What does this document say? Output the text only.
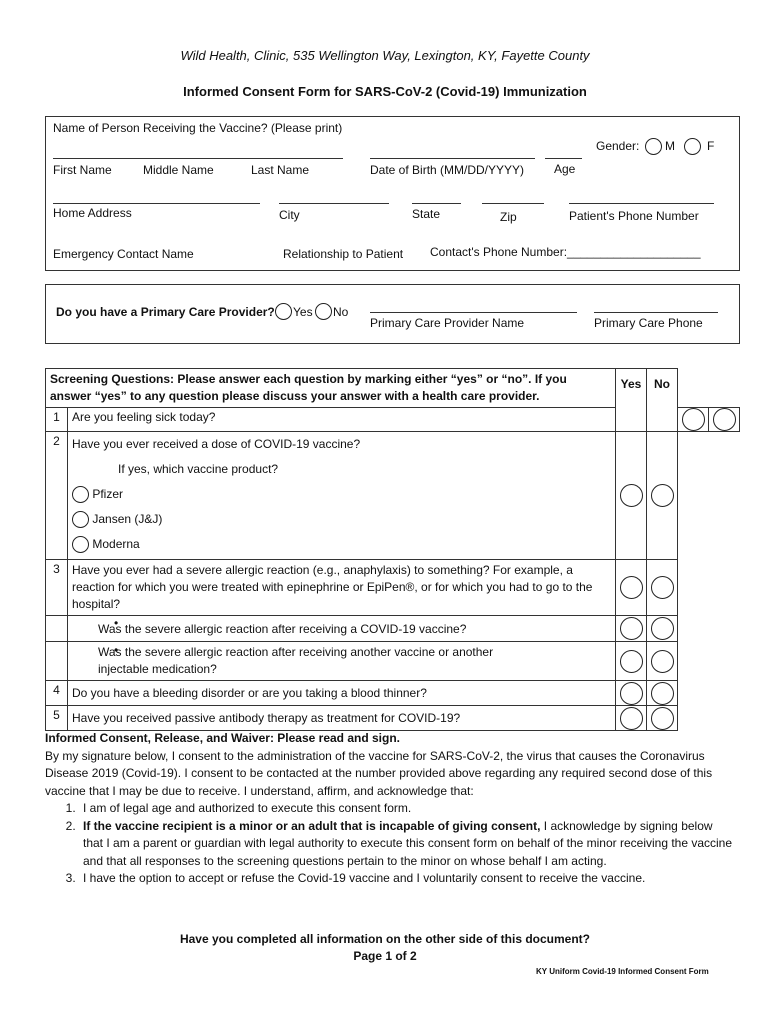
Wild Health, Clinic, 535 Wellington Way, Lexington, KY, Fayette County
Informed Consent Form for SARS-CoV-2 (Covid-19) Immunization
Name of Person Receiving the Vaccine? (Please print)
Gender: M	F
First Name	Middle Name	Last Name	Date of Birth (MM/DD/YYYY) Age
Home Address	City	State	Zip	Patient's Phone Number
Emergency Contact Name	Relationship to Patient Contact's Phone Number:____________________
Do you have a Primary Care Provider? Yes No
Primary Care Provider Name	Primary Care Phone
Screening Questions: Please answer each question by marking either “yes” or “no”. If you answer “yes” to any question please discuss your answer with a health care provider.		Yes	No		
1	Are you feeling sick today?				
2	Have you ever received a dose of COVID-19 vaccine?
If yes, which vaccine product?
Pfizer
Jansen (J&J)
Moderna				

3	Have you ever had a severe allergic reaction (e.g., anaphylaxis) to something? For example, a reaction for which you were treated with epinephrine or EpiPen®, or for which you had to go to the hospital?				
	• Was the severe allergic reaction after receiving a COVID-19 vaccine?		
	• Was the severe allergic reaction after receiving another vaccine or another injectable medication?		
4	Do you have a bleeding disorder or are you taking a blood thinner?				
5	Have you received passive antibody therapy as treatment for COVID-19?				
Informed Consent, Release, and Waiver: Please read and sign.
By my signature below, I consent to the administration of the vaccine for SARS-CoV-2, the virus that causes the Coronavirus Disease 2019 (Covid-19). I consent to be contacted at the number provided above regarding any required second dose of this vaccine that I may be due to receive. I understand, affirm, and acknowledge that:
1. I am of legal age and authorized to execute this consent form.
2. If the vaccine recipient is a minor or an adult that is incapable of giving consent, I acknowledge by signing below that I am a parent or guardian with legal authority to execute this consent form on behalf of the minor receiving the vaccine and that all responses to the screening questions pertain to the minor on whose behalf I am acting.
3. I have the option to accept or refuse the Covid-19 vaccine and I voluntarily consent to receive the vaccine.
Have you completed all information on the other side of this document?
Page 1 of 2
KY Uniform Covid-19 Informed Consent Form
